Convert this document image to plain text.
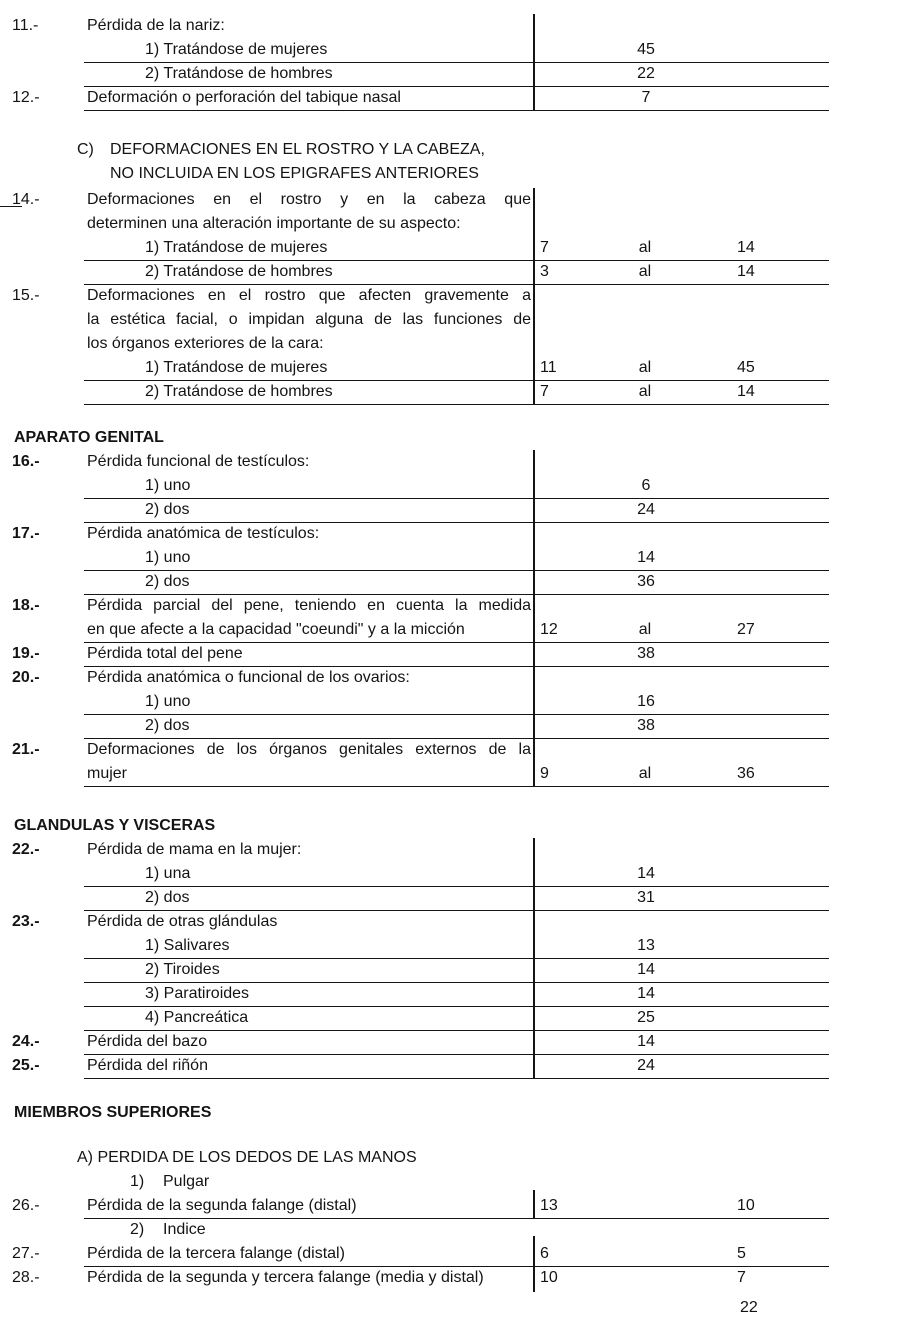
11.-	Pérdida de la nariz:
1) Tratándose de mujeres	45
2) Tratándose de hombres	22
12.-	Deformación o perforación del tabique nasal	7
C) DEFORMACIONES EN EL ROSTRO Y LA CABEZA,
NO INCLUIDA EN LOS EPIGRAFES ANTERIORES
14.-	Deformaciones en el rostro y en la cabeza que
determinen una alteración importante de su aspecto:
1) Tratándose de mujeres	7	al	14
2) Tratándose de hombres	3	al	14
15.-	Deformaciones en el rostro que afecten gravemente a
la estética facial, o impidan alguna de las funciones de
los órganos exteriores de la cara:
1) Tratándose de mujeres	11	al	45
2) Tratándose de hombres	7	al	14
APARATO GENITAL
16.-	Pérdida funcional de testículos:
1) uno	6
2) dos	24
17.-	Pérdida anatómica de testículos:
1) uno	14
2) dos	36
18.-	Pérdida parcial del pene, teniendo en cuenta la medida
en que afecte a la capacidad "coeundi" y a la micción	12	al	27
19.-	Pérdida total del pene	38
20.-	Pérdida anatómica o funcional de los ovarios:
1) uno	16
2) dos	38
21.-	Deformaciones de los órganos genitales externos de la
mujer	9	al	36
GLANDULAS Y VISCERAS
22.-	Pérdida de mama en la mujer:
1) una	14
2) dos	31
23.-	Pérdida de otras glándulas
1) Salivares	13
2) Tiroides	14
3) Paratiroides	14
4) Pancreática	25
24.-	Pérdida del bazo	14
25.-	Pérdida del riñón	24
MIEMBROS SUPERIORES
A) PERDIDA DE LOS DEDOS DE LAS MANOS
1) Pulgar
26.-	Pérdida de la segunda falange (distal)	13	10
2) Indice
27.-	Pérdida de la tercera falange (distal)	6	5
28.-	Pérdida de la segunda y tercera falange (media y distal)	10	7
22
